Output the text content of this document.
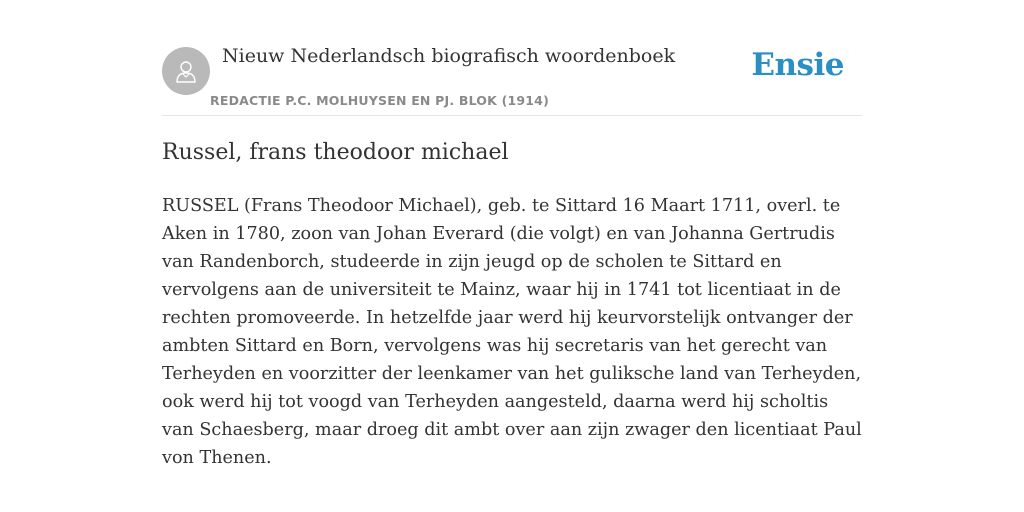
Nieuw Nederlandsch biografisch woordenboek
REDACTIE P.C. MOLHUYSEN EN PJ. BLOK (1914)
Ensie
Russel, frans theodoor michael

RUSSEL (Frans Theodoor Michael), geb. te Sittard 16 Maart 1711, overl. te Aken in 1780, zoon van Johan Everard (die volgt) en van Johanna Gertrudis van Randenborch, studeerde in zijn jeugd op de scholen te Sittard en vervolgens aan de universiteit te Mainz, waar hij in 1741 tot licentiaat in de rechten promoveerde. In hetzelfde jaar werd hij keurvorstelijk ontvanger der ambten Sittard en Born, vervolgens was hij secretaris van het gerecht van Terheyden en voorzitter der leenkamer van het guliksche land van Terheyden, ook werd hij tot voogd van Terheyden aangesteld, daarna werd hij scholtis van Schaesberg, maar droeg dit ambt over aan zijn zwager den licentiaat Paul von Thenen.
